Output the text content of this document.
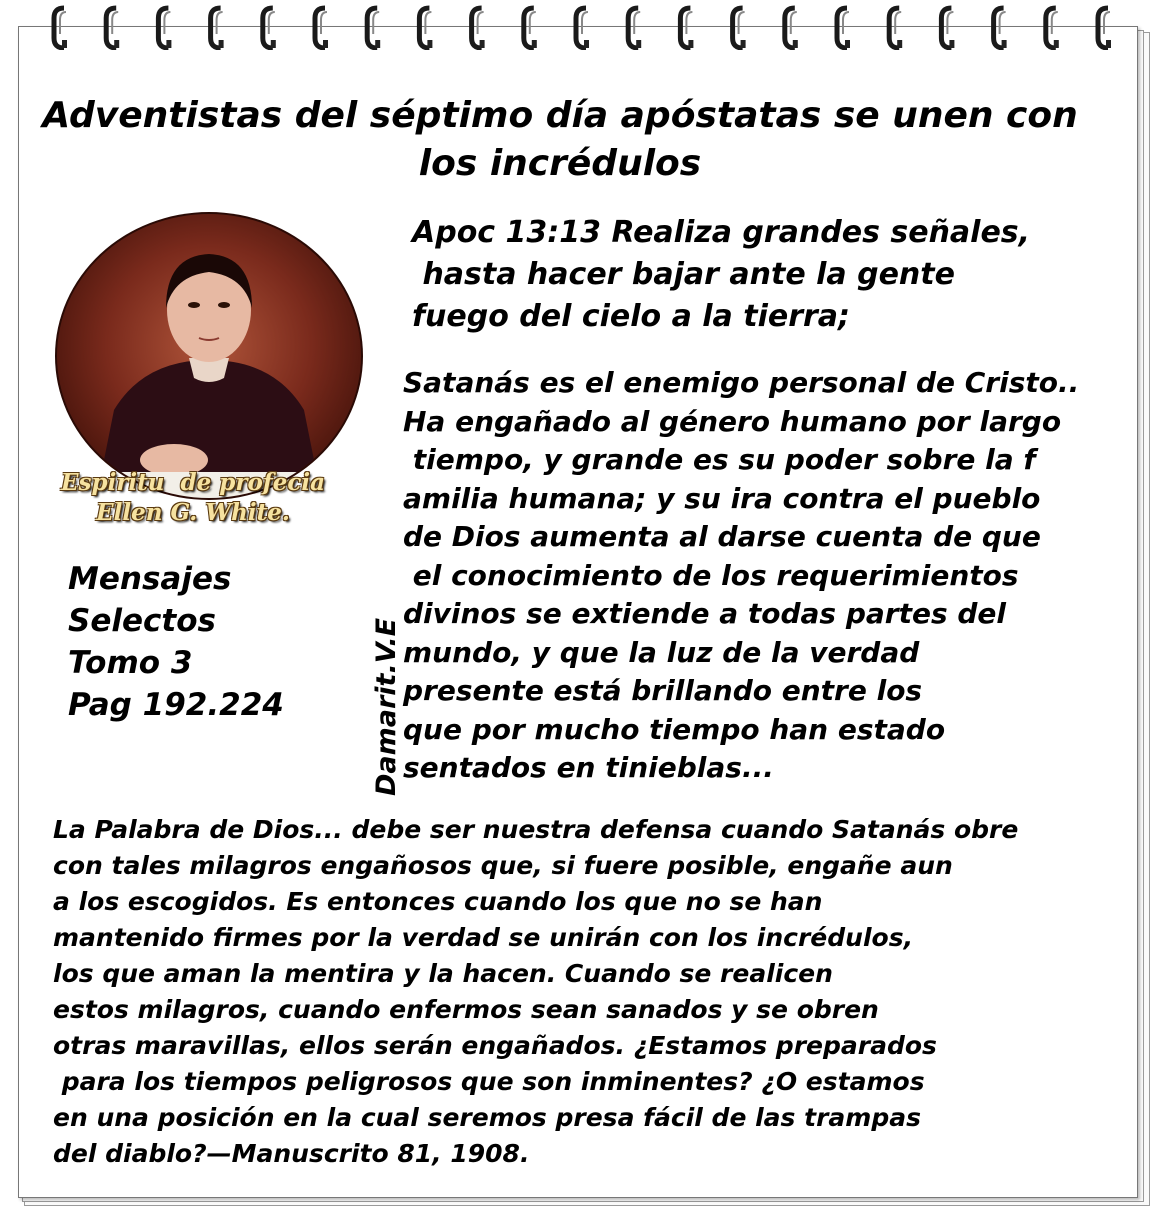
Adventistas del séptimo día apóstatas se unen con los incrédulos
Espiritu  de profecia
Ellen G. White.
Apoc 13:13 Realiza grandes señales,
hasta hacer bajar ante la gente
fuego del cielo a la tierra;
Satanás es el enemigo personal de Cristo..
Ha engañado al género humano por largo
tiempo, y grande es su poder sobre la f
amilia humana; y su ira contra el pueblo
de Dios aumenta al darse cuenta de que
el conocimiento de los requerimientos
divinos se extiende a todas partes del
mundo, y que la luz de la verdad
presente está brillando entre los
que por mucho tiempo han estado
sentados en tinieblas...
Mensajes
Selectos
Tomo 3
Pag 192.224	Damarit.V.E
La Palabra de Dios... debe ser nuestra defensa cuando Satanás obre
con tales milagros engañosos que, si fuere posible, engañe aun
a los escogidos. Es entonces cuando los que no se han
mantenido firmes por la verdad se unirán con los incrédulos,
los que aman la mentira y la hacen. Cuando se realicen
estos milagros, cuando enfermos sean sanados y se obren
otras maravillas, ellos serán engañados. ¿Estamos preparados
para los tiempos peligrosos que son inminentes? ¿O estamos
en una posición en la cual seremos presa fácil de las trampas
del diablo?—Manuscrito 81, 1908.
